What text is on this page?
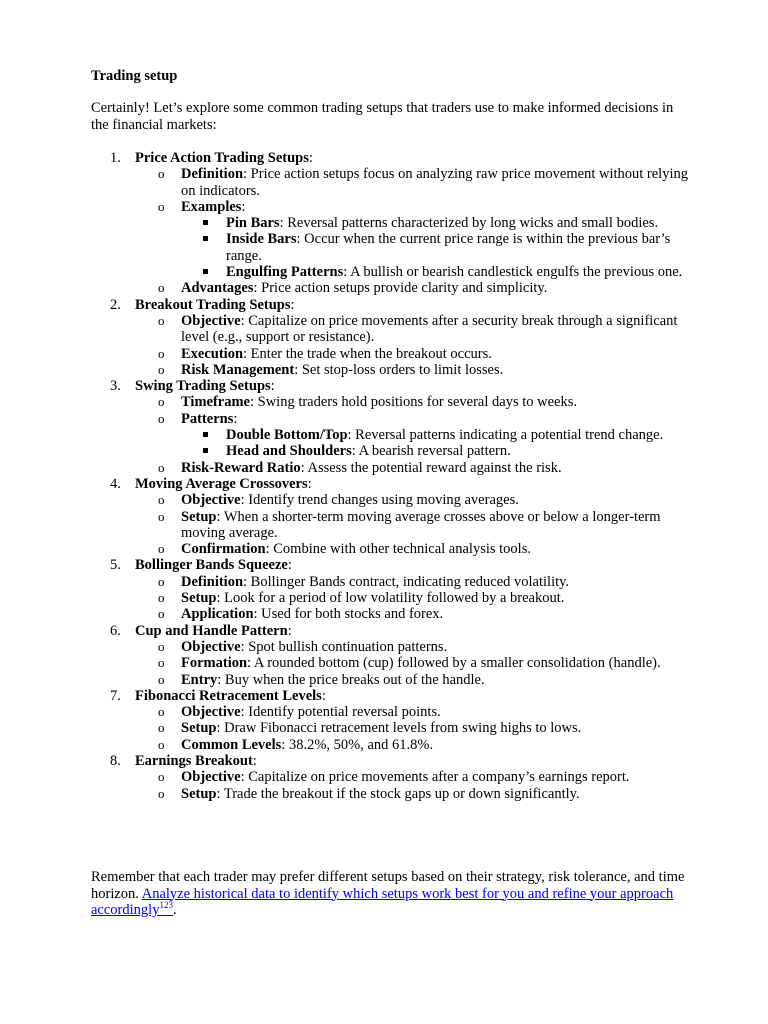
Trading setup
Certainly! Let’s explore some common trading setups that traders use to make informed decisions in the financial markets:
1. Price Action Trading Setups:
o Definition: Price action setups focus on analyzing raw price movement without relying on indicators.
o Examples:
Pin Bars: Reversal patterns characterized by long wicks and small bodies.
Inside Bars: Occur when the current price range is within the previous bar’s range.
Engulfing Patterns: A bullish or bearish candlestick engulfs the previous one.
o Advantages: Price action setups provide clarity and simplicity.
2. Breakout Trading Setups:
o Objective: Capitalize on price movements after a security break through a significant level (e.g., support or resistance).
o Execution: Enter the trade when the breakout occurs.
o Risk Management: Set stop-loss orders to limit losses.
3. Swing Trading Setups:
o Timeframe: Swing traders hold positions for several days to weeks.
o Patterns:
Double Bottom/Top: Reversal patterns indicating a potential trend change.
Head and Shoulders: A bearish reversal pattern.
o Risk-Reward Ratio: Assess the potential reward against the risk.
4. Moving Average Crossovers:
o Objective: Identify trend changes using moving averages.
o Setup: When a shorter-term moving average crosses above or below a longer-term moving average.
o Confirmation: Combine with other technical analysis tools.
5. Bollinger Bands Squeeze:
o Definition: Bollinger Bands contract, indicating reduced volatility.
o Setup: Look for a period of low volatility followed by a breakout.
o Application: Used for both stocks and forex.
6. Cup and Handle Pattern:
o Objective: Spot bullish continuation patterns.
o Formation: A rounded bottom (cup) followed by a smaller consolidation (handle).
o Entry: Buy when the price breaks out of the handle.
7. Fibonacci Retracement Levels:
o Objective: Identify potential reversal points.
o Setup: Draw Fibonacci retracement levels from swing highs to lows.
o Common Levels: 38.2%, 50%, and 61.8%.
8. Earnings Breakout:
o Objective: Capitalize on price movements after a company’s earnings report.
o Setup: Trade the breakout if the stock gaps up or down significantly.
Remember that each trader may prefer different setups based on their strategy, risk tolerance, and time horizon. Analyze historical data to identify which setups work best for you and refine your approach accordingly$^{123}$.
